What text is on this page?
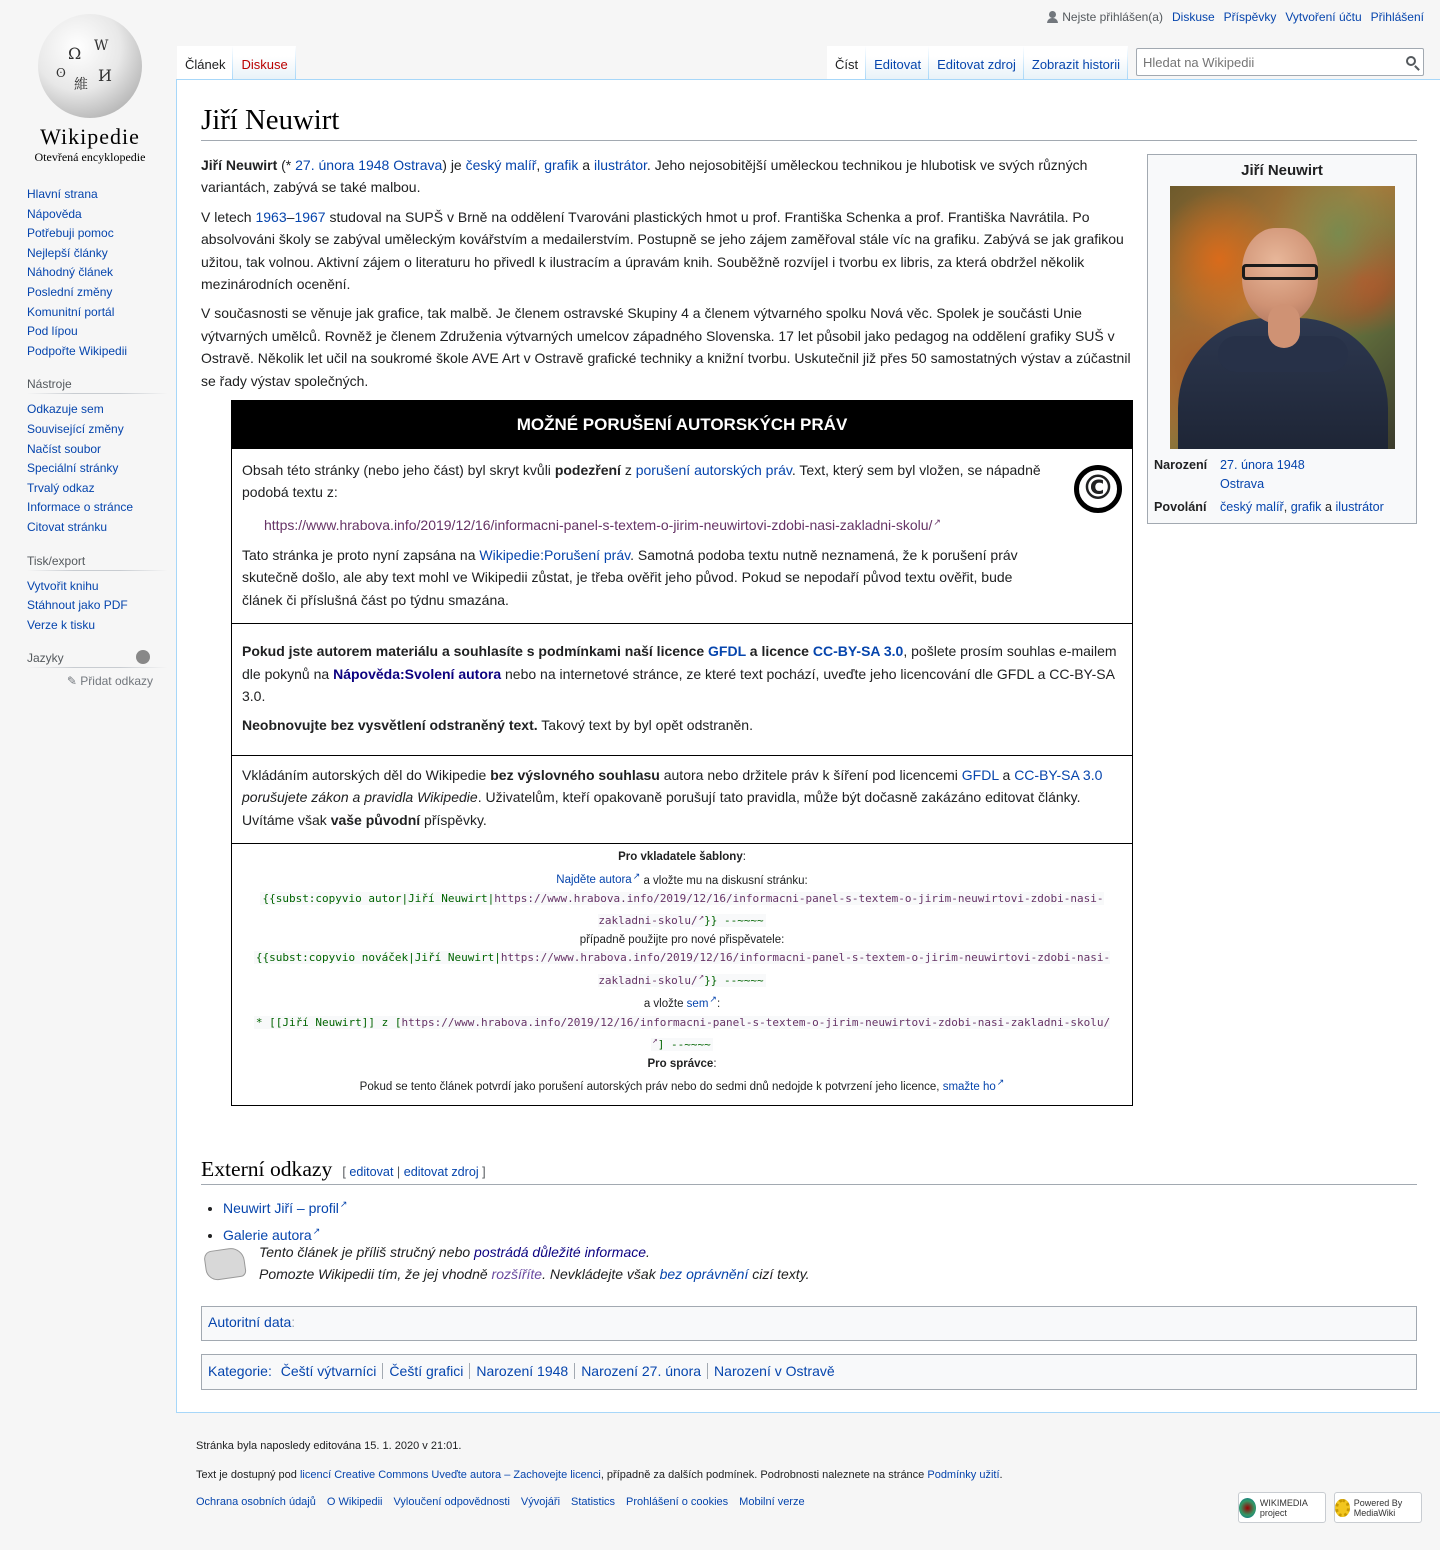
Ω W
И
維
ʘ
Wikipedie
Otevřená encyklopedie
Nejste přihlášen(a) Diskuse Příspěvky Vytvoření účtu Přihlášení
Článek	Diskuse	Číst	Editovat	Editovat zdroj	Zobrazit historii
Hledat na Wikipedii
Hlavní strana
Nápověda
Potřebuji pomoc
Nejlepší články
Náhodný článek
Poslední změny
Komunitní portál
Pod lípou
Podpořte Wikipedii
Nástroje
Odkazuje sem
Související změny
Načíst soubor
Speciální stránky
Trvalý odkaz
Informace o stránce
Citovat stránku
Tisk/export
Vytvořit knihu
Stáhnout jako PDF
Verze k tisku
Jazyky
✎ Přidat odkazy
Jiří Neuwirt
Jiří Neuwirt
Narození	27. února 1948
Ostrava
Povolání	český malíř, grafik a ilustrátor

Jiří Neuwirt (* 27. února 1948 Ostrava) je český malíř, grafik a ilustrátor. Jeho nejosobitější uměleckou technikou je hlubotisk ve svých různých variantách, zabývá se také malbou.

V letech 1963–1967 studoval na SUPŠ v Brně na oddělení Tvarováni plastických hmot u prof. Františka Schenka a prof. Františka Navrátila. Po absolvováni školy se zabýval uměleckým kovářstvím a medailerstvím. Postupně se jeho zájem zaměřoval stále víc na grafiku. Zabývá se jak grafikou užitou, tak volnou. Aktivní zájem o literaturu ho přivedl k ilustracím a úpravám knih. Souběžně rozvíjel i tvorbu ex libris, za která obdržel několik mezinárodních ocenění.

V současnosti se věnuje jak grafice, tak malbě. Je členem ostravské Skupiny 4 a členem výtvarného spolku Nová věc. Spolek je součásti Unie výtvarných umělců. Rovněž je členem Združenia výtvarných umelcov západného Slovenska. 17 let působil jako pedagog na oddělení grafiky SUŠ v Ostravě. Několik let učil na soukromé škole AVE Art v Ostravě grafické techniky a knižní tvorbu. Uskutečnil již přes 50 samostatných výstav a zúčastnil se řady výstav společných.

MOŽNÉ PORUŠENÍ AUTORSKÝCH PRÁV
©

Obsah této stránky (nebo jeho část) byl skryt kvůli podezření z porušení autorských práv. Text, který sem byl vložen, se nápadně podobá textu z:

https://www.hrabova.info/2019/12/16/informacni-panel-s-textem-o-jirim-neuwirtovi-zdobi-nasi-zakladni-skolu/ ↗

Tato stránka je proto nyní zapsána na Wikipedie:Porušení práv. Samotná podoba textu nutně neznamená, že k porušení práv skutečně došlo, ale aby text mohl ve Wikipedii zůstat, je třeba ověřit jeho původ. Pokud se nepodaří původ textu ověřit, bude článek či příslušná část po týdnu smazána.

Pokud jste autorem materiálu a souhlasíte s podmínkami naší licence GFDL a licence CC-BY-SA 3.0, pošlete prosím souhlas e-mailem dle pokynů na Nápověda:Svolení autora nebo na internetové stránce, ze které text pochází, uveďte jeho licencování dle GFDL a CC-BY-SA 3.0.

Neobnovujte bez vysvětlení odstraněný text. Takový text by byl opět odstraněn.

Vkládáním autorských děl do Wikipedie bez výslovného souhlasu autora nebo držitele práv k šíření pod licencemi GFDL a CC-BY-SA 3.0
porušujete zákon a pravidla Wikipedie. Uživatelům, kteří opakovaně porušují tato pravidla, může být dočasně zakázáno editovat články. Uvítáme však vaše původní příspěvky.

Pro vkladatele šablony:
Najděte autora ↗ a vložte mu na diskusní stránku:
{{subst:copyvio autor|Jiří Neuwirt|https://www.hrabova.info/2019/12/16/informacni-panel-s-textem-o-jirim-neuwirtovi-zdobi-nasi-zakladni-skolu/ ↗ }} --~~~~
případně použijte pro nové přispěvatele:
{{subst:copyvio nováček|Jiří Neuwirt|https://www.hrabova.info/2019/12/16/informacni-panel-s-textem-o-jirim-neuwirtovi-zdobi-nasi-zakladni-skolu/ ↗ }} --~~~~
a vložte sem ↗ :
* [[Jiří Neuwirt]] z [https://www.hrabova.info/2019/12/16/informacni-panel-s-textem-o-jirim-neuwirtovi-zdobi-nasi-zakladni-skolu/ ↗] --~~~~
Pro správce:
Pokud se tento článek potvrdí jako porušení autorských práv nebo do sedmi dnů nedojde k potvrzení jeho licence, smažte ho ↗
Externí odkazy [ editovat | editovat zdroj ]
• Neuwirt Jiří – profil ↗
• Galerie autora ↗
Tento článek je příliš stručný nebo postrádá důležité informace.
Pomozte Wikipedii tím, že jej vhodně rozšíříte. Nevkládejte však bez oprávnění cizí texty.
Autoritní data:
Kategorie: Čeští výtvarníci Čeští grafici Narození 1948 Narození 27. února Narození v Ostravě

Stránka byla naposledy editována 15. 1. 2020 v 21:01.

Text je dostupný pod licencí Creative Commons Uveďte autora – Zachovejte licenci, případně za dalších podmínek. Podrobnosti naleznete na stránce Podmínky užití.

Ochrana osobních údajů O Wikipedii Vyloučení odpovědnosti Vývojáři Statistics Prohlášení o cookies Mobilní verze	WIKIMEDIA project
Powered By MediaWiki
